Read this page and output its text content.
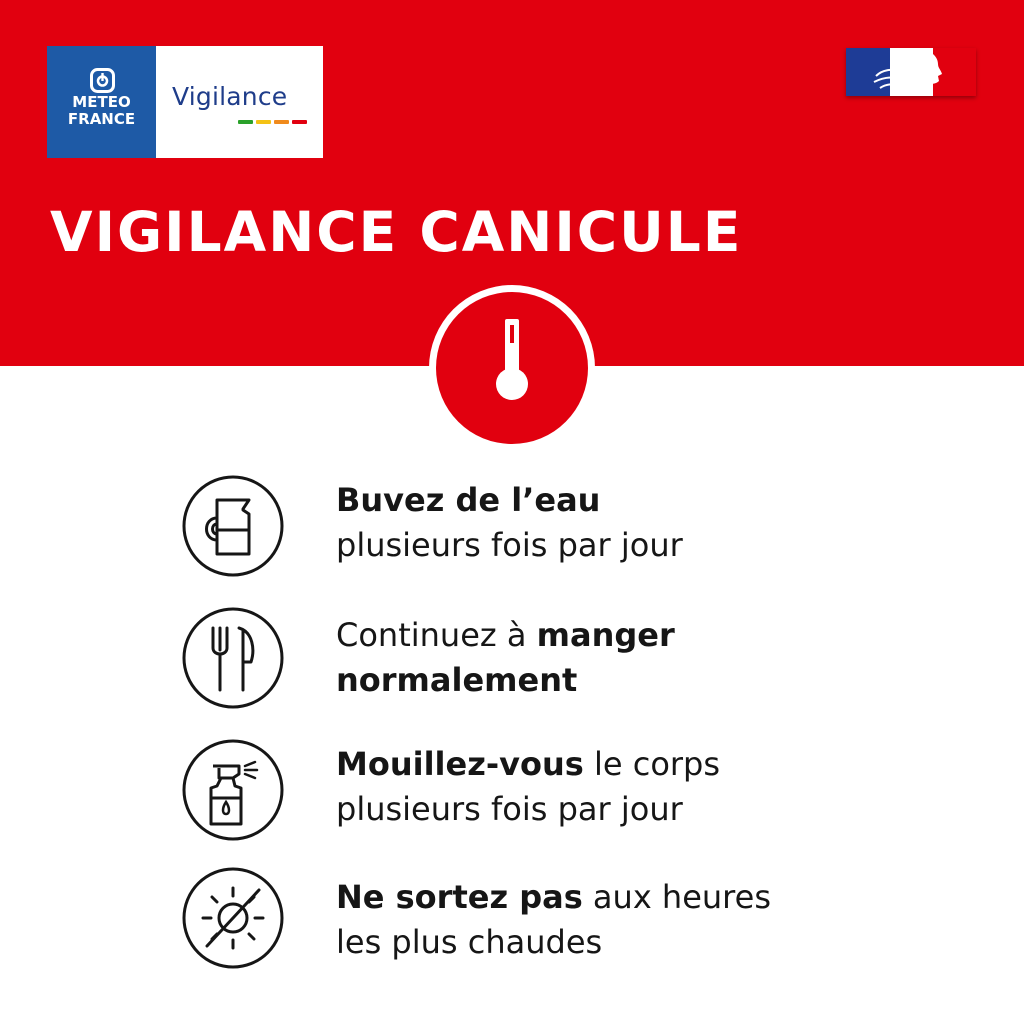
METEO
FRANCE
Vigilance
VIGILANCE CANICULE

Buvez de l’eau
plusieurs fois par jour

Continuez à manger
normalement

Mouillez-vous le corps
plusieurs fois par jour

Ne sortez pas aux heures
les plus chaudes
